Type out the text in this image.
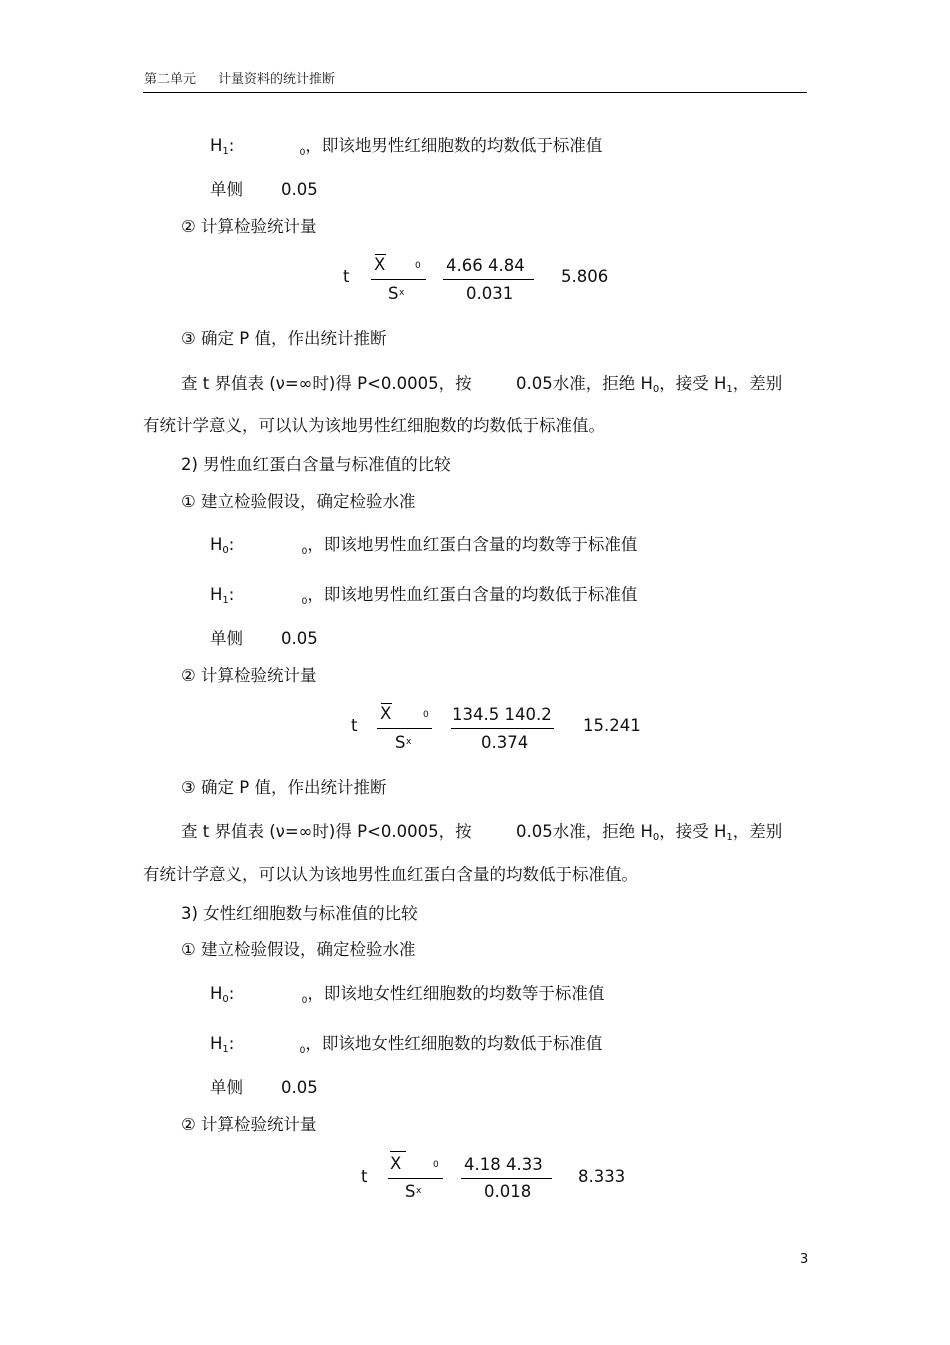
第二单元 计量资料的统计推断
H1:	$_0$，即该地男性红细胞数的均数低于标准值
单侧 0.05
② 计算检验统计量
t
X	0
S x
4.66 4.84
0.031
5.806
③ 确定 P 值，作出统计推断
查 t 界值表 (ν=∞时)得 P<0.0005，按	0.05水准，拒绝 H0，接受 H1，差别
有统计学意义，可以认为该地男性红细胞数的均数低于标准值。
2) 男性血红蛋白含量与标准值的比较
① 建立检验假设，确定检验水准
H0:	$_0$，即该地男性血红蛋白含量的均数等于标准值
H1:	$_0$，即该地男性血红蛋白含量的均数低于标准值
单侧 0.05
② 计算检验统计量
t
X	0
S x
134.5 140.2
0.374
15.241
③ 确定 P 值，作出统计推断
查 t 界值表 (ν=∞时)得 P<0.0005，按	0.05水准，拒绝 H0，接受 H1，差别
有统计学意义，可以认为该地男性血红蛋白含量的均数低于标准值。
3) 女性红细胞数与标准值的比较
① 建立检验假设，确定检验水准
H0:	$_0$，即该地女性红细胞数的均数等于标准值
H1:	$_0$，即该地女性红细胞数的均数低于标准值
单侧 0.05
② 计算检验统计量
t
X	0
S x
4.18 4.33
0.018
8.333
3
